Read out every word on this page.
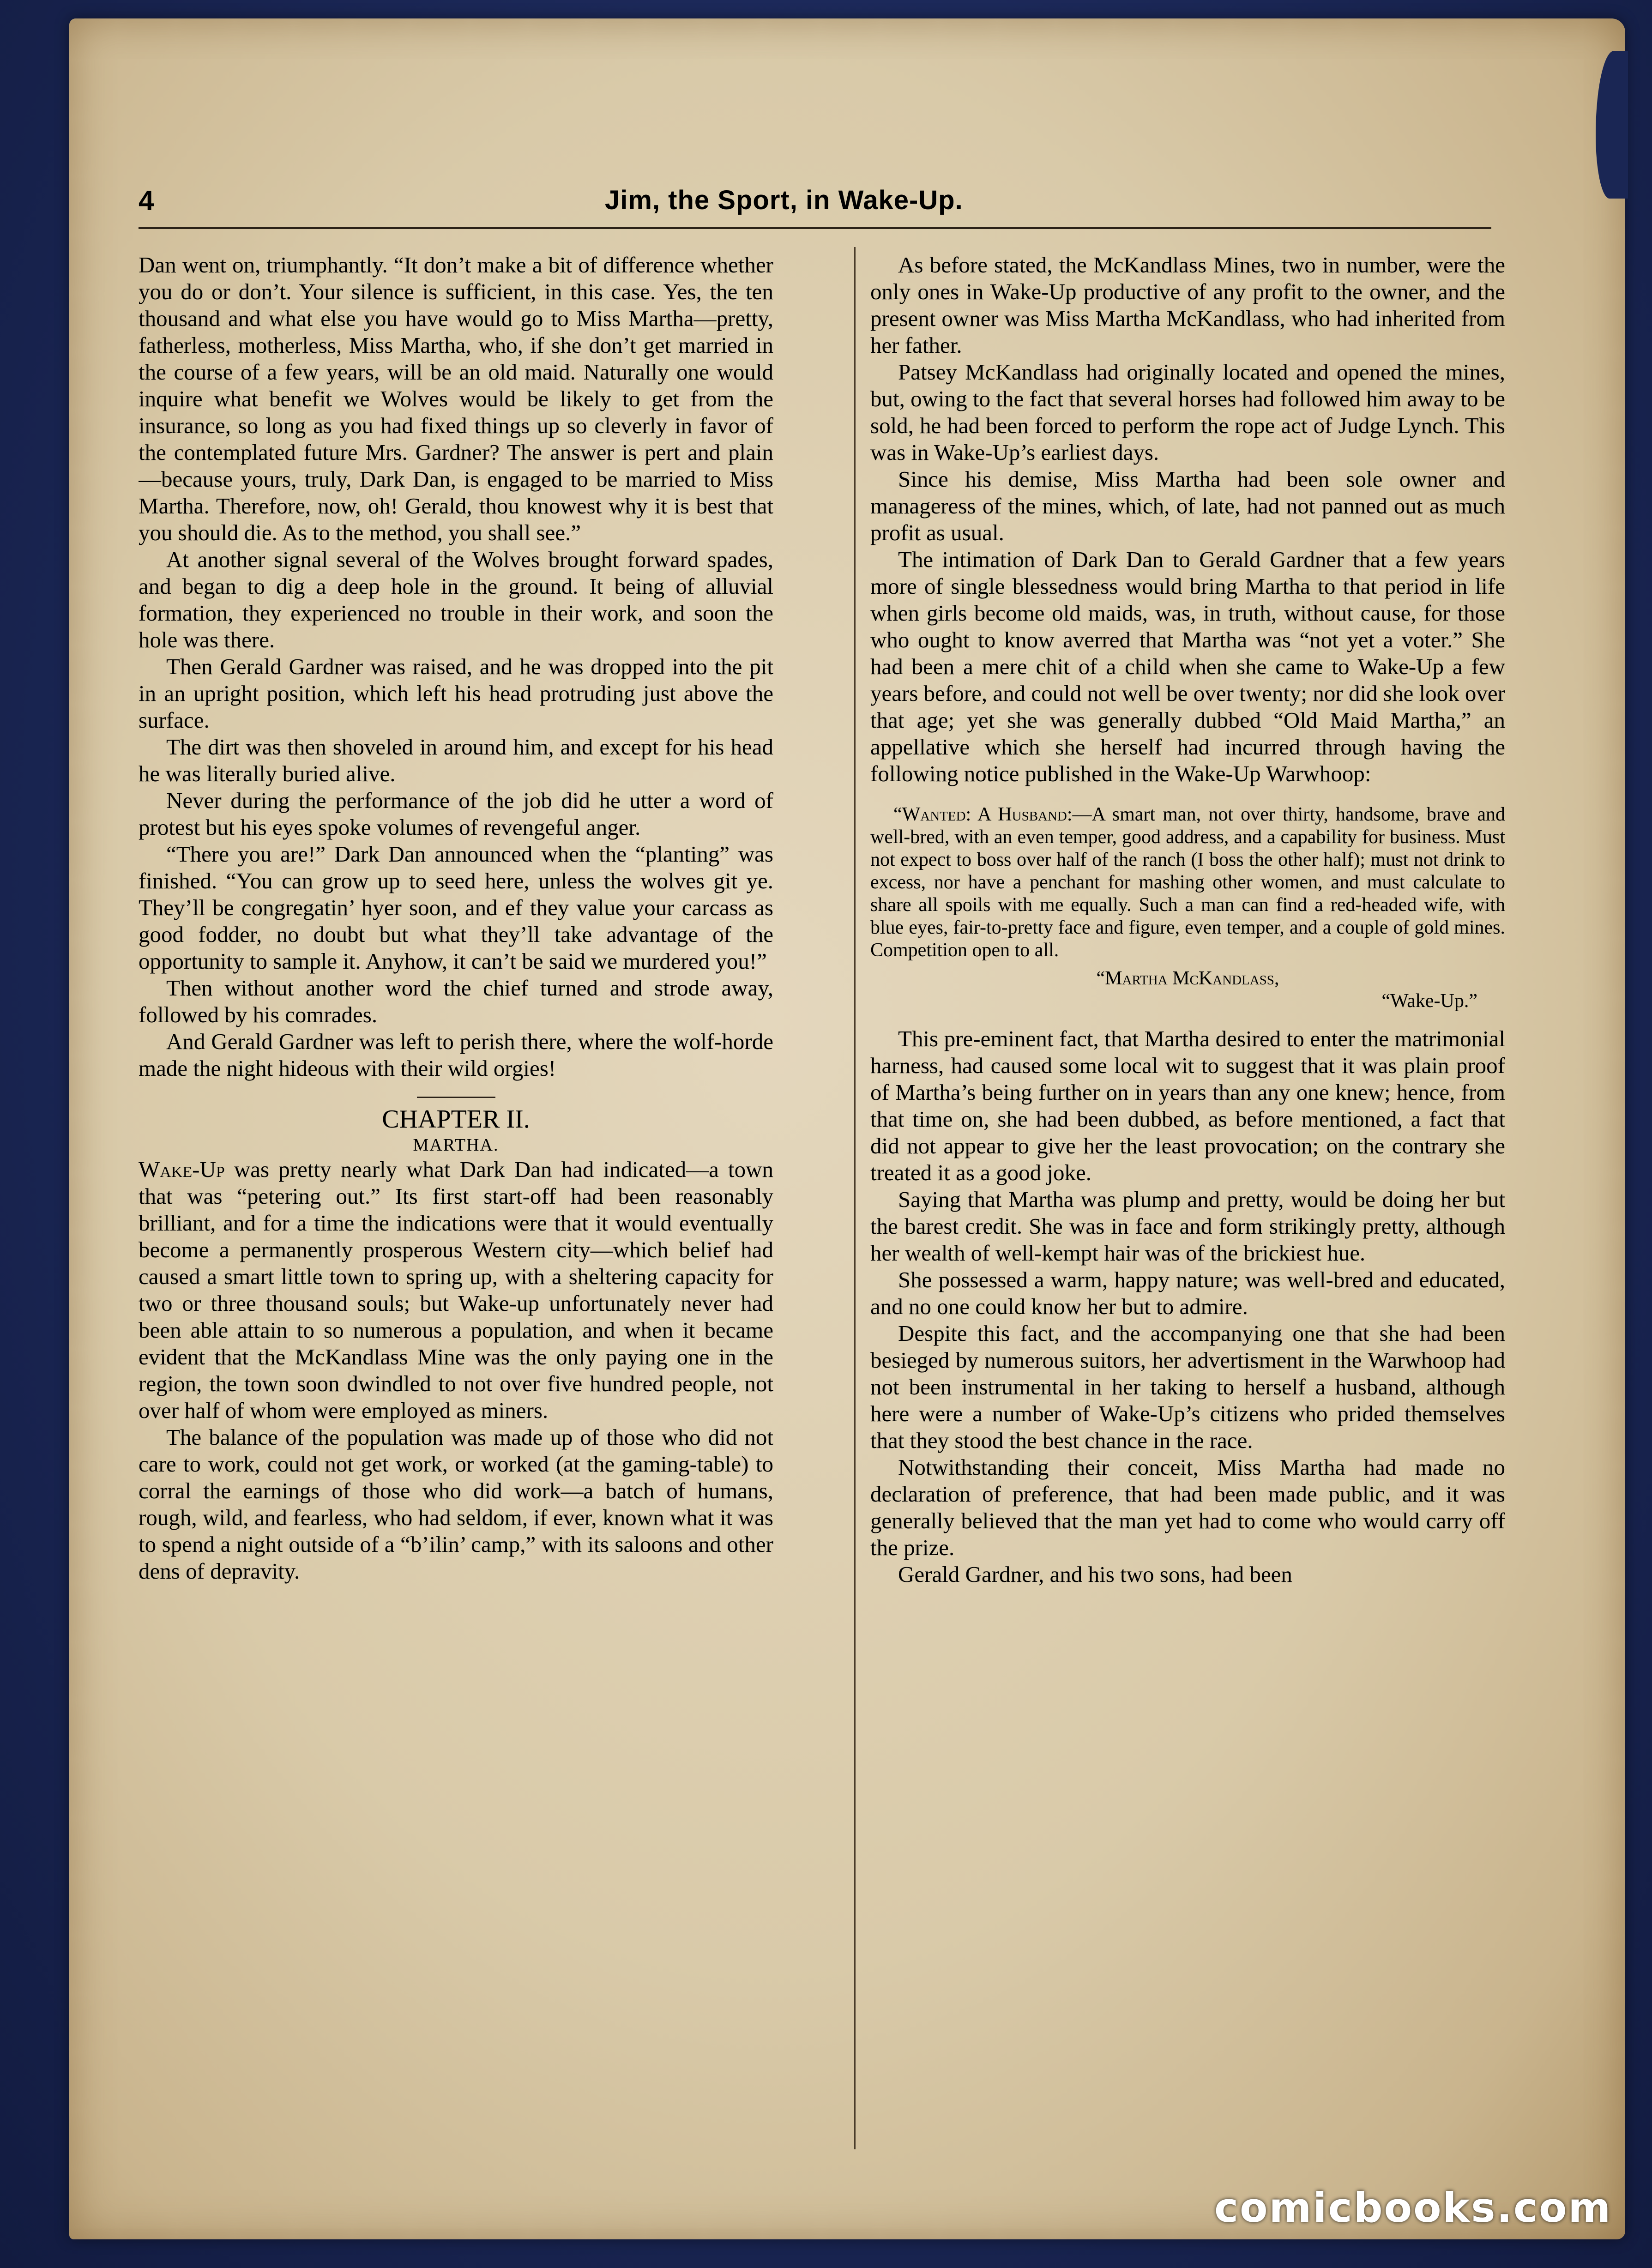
4	Jim, the Sport, in Wake-Up.

Dan went on, triumphantly. “It don’t make a bit of difference whether you do or don’t. Your silence is sufficient, in this case. Yes, the ten thousand and what else you have would go to Miss Martha—pretty, fatherless, motherless, Miss Martha, who, if she don’t get married in the course of a few years, will be an old maid. Naturally one would inquire what benefit we Wolves would be likely to get from the insurance, so long as you had fixed things up so cleverly in favor of the contemplated future Mrs. Gardner? The answer is pert and plain—because yours, truly, Dark Dan, is engaged to be married to Miss Martha. Therefore, now, oh! Gerald, thou knowest why it is best that you should die. As to the method, you shall see.”

At another signal several of the Wolves brought forward spades, and began to dig a deep hole in the ground. It being of alluvial formation, they experienced no trouble in their work, and soon the hole was there.

Then Gerald Gardner was raised, and he was dropped into the pit in an upright position, which left his head protruding just above the surface.

The dirt was then shoveled in around him, and except for his head he was literally buried alive.

Never during the performance of the job did he utter a word of protest but his eyes spoke volumes of revengeful anger.

“There you are!” Dark Dan announced when the “planting” was finished. “You can grow up to seed here, unless the wolves git ye. They’ll be congregatin’ hyer soon, and ef they value your carcass as good fodder, no doubt but what they’ll take advantage of the opportunity to sample it. Anyhow, it can’t be said we murdered you!”

Then without another word the chief turned and strode away, followed by his comrades.

And Gerald Gardner was left to perish there, where the wolf-horde made the night hideous with their wild orgies!

CHAPTER II.
MARTHA.

Wake-Up was pretty nearly what Dark Dan had indicated—a town that was “petering out.” Its first start-off had been reasonably brilliant, and for a time the indications were that it would eventually become a permanently prosperous Western city—which belief had caused a smart little town to spring up, with a sheltering capacity for two or three thousand souls; but Wake-up unfortunately never had been able attain to so numerous a population, and when it became evident that the McKandlass Mine was the only paying one in the region, the town soon dwindled to not over five hundred people, not over half of whom were employed as miners.

The balance of the population was made up of those who did not care to work, could not get work, or worked (at the gaming-table) to corral the earnings of those who did work—a batch of humans, rough, wild, and fearless, who had seldom, if ever, known what it was to spend a night outside of a “b’ilin’ camp,” with its saloons and other dens of depravity.

As before stated, the McKandlass Mines, two in number, were the only ones in Wake-Up productive of any profit to the owner, and the present owner was Miss Martha McKandlass, who had inherited from her father.

Patsey McKandlass had originally located and opened the mines, but, owing to the fact that several horses had followed him away to be sold, he had been forced to perform the rope act of Judge Lynch. This was in Wake-Up’s earliest days.

Since his demise, Miss Martha had been sole owner and manageress of the mines, which, of late, had not panned out as much profit as usual.

The intimation of Dark Dan to Gerald Gardner that a few years more of single blessedness would bring Martha to that period in life when girls become old maids, was, in truth, without cause, for those who ought to know averred that Martha was “not yet a voter.” She had been a mere chit of a child when she came to Wake-Up a few years before, and could not well be over twenty; nor did she look over that age; yet she was generally dubbed “Old Maid Martha,” an appellative which she herself had incurred through having the following notice published in the Wake-Up Warwhoop:

“Wanted: A Husband:—A smart man, not over thirty, handsome, brave and well-bred, with an even temper, good address, and a capability for business. Must not expect to boss over half of the ranch (I boss the other half); must not drink to excess, nor have a penchant for mashing other women, and must calculate to share all spoils with me equally. Such a man can find a red-headed wife, with blue eyes, fair-to-pretty face and figure, even temper, and a couple of gold mines. Competition open to all.
“Martha McKandlass,
“Wake-Up.”

This pre-eminent fact, that Martha desired to enter the matrimonial harness, had caused some local wit to suggest that it was plain proof of Martha’s being further on in years than any one knew; hence, from that time on, she had been dubbed, as before mentioned, a fact that did not appear to give her the least provocation; on the contrary she treated it as a good joke.

Saying that Martha was plump and pretty, would be doing her but the barest credit. She was in face and form strikingly pretty, although her wealth of well-kempt hair was of the brickiest hue.

She possessed a warm, happy nature; was well-bred and educated, and no one could know her but to admire.

Despite this fact, and the accompanying one that she had been besieged by numerous suitors, her advertisment in the Warwhoop had not been instrumental in her taking to herself a husband, although here were a number of Wake-Up’s citizens who prided themselves that they stood the best chance in the race.

Notwithstanding their conceit, Miss Martha had made no declaration of preference, that had been made public, and it was generally believed that the man yet had to come who would carry off the prize.

Gerald Gardner, and his two sons, had been

comicbooks.com
